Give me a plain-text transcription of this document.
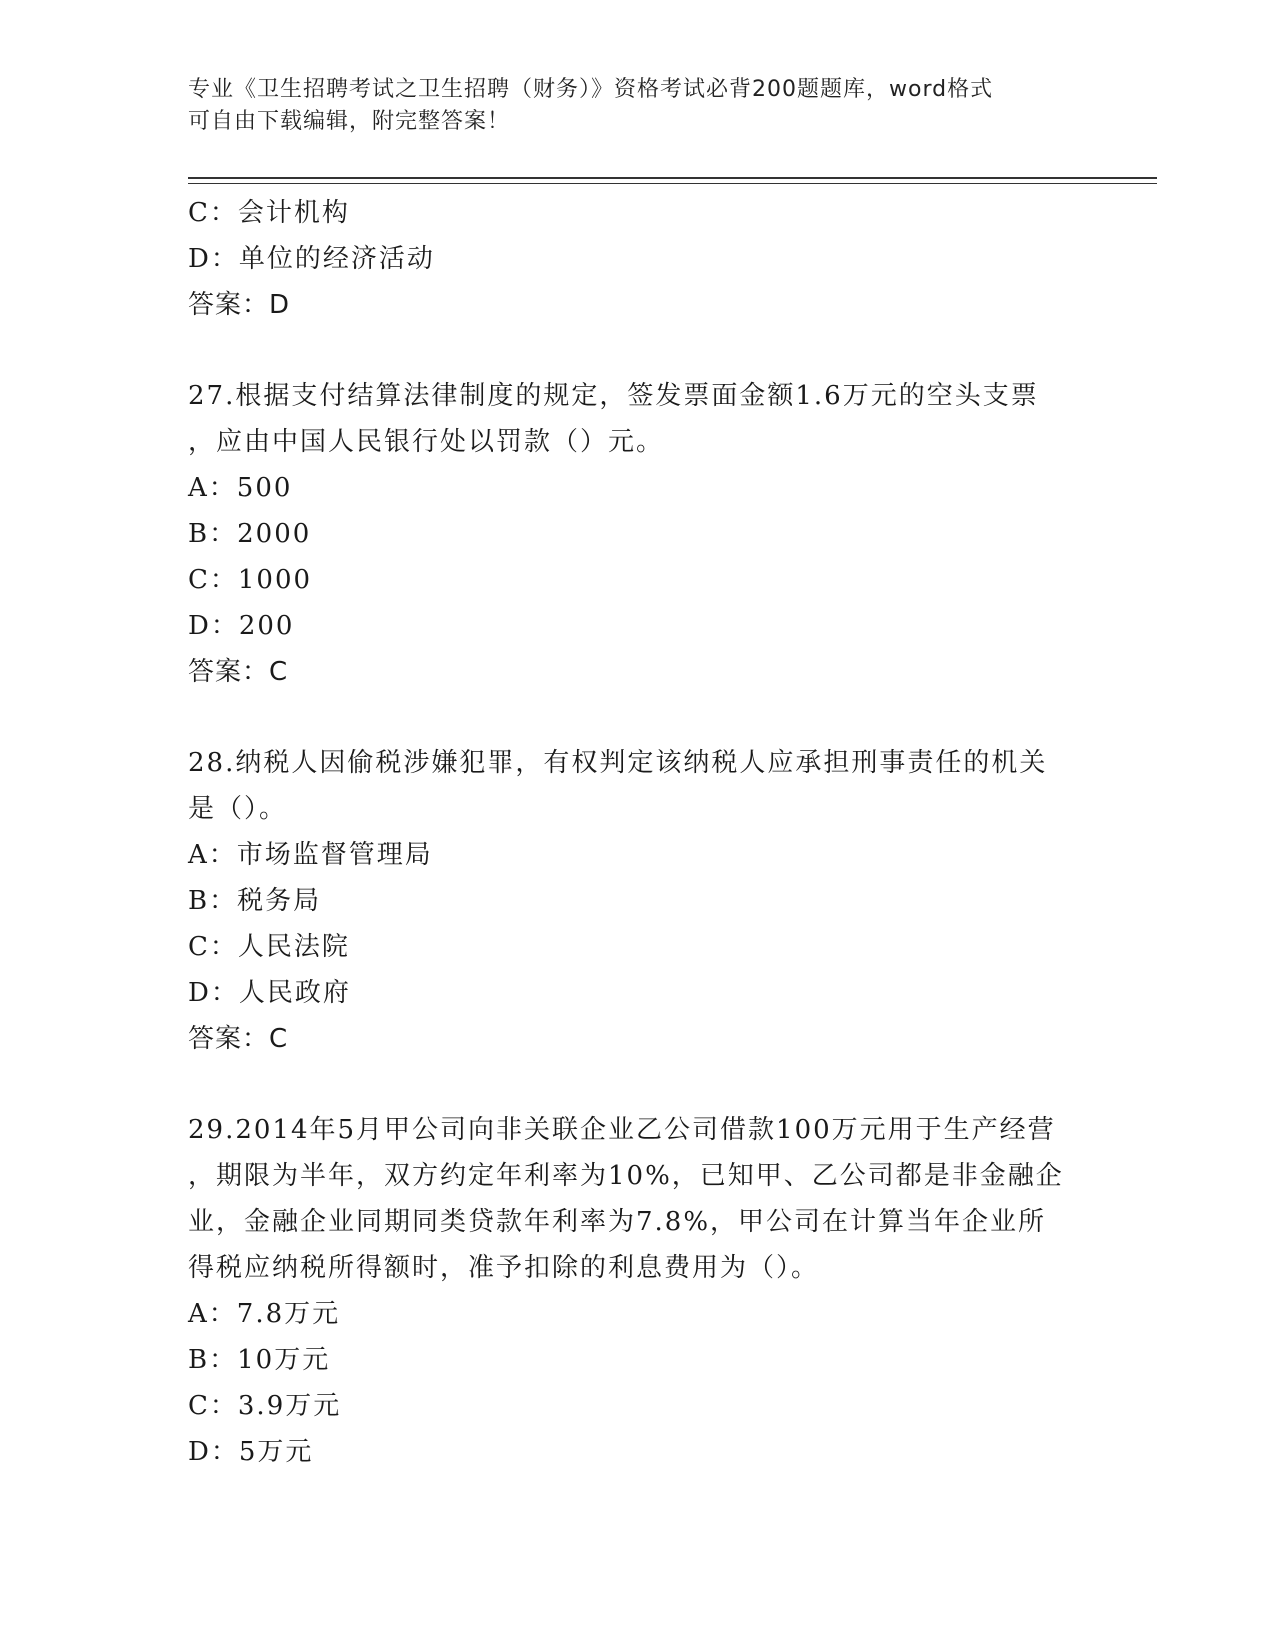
专业《卫生招聘考试之卫生招聘（财务）》资格考试必背200题题库，word格式
可自由下载编辑，附完整答案！
C：会计机构
D：单位的经济活动
答案：D
27.根据支付结算法律制度的规定，签发票面金额1.6万元的空头支票
，应由中国人民银行处以罚款（）元。
A：500
B：2000
C：1000
D：200
答案：C
28.纳税人因偷税涉嫌犯罪，有权判定该纳税人应承担刑事责任的机关
是（）。
A：市场监督管理局
B：税务局
C：人民法院
D：人民政府
答案：C
29.2014年5月甲公司向非关联企业乙公司借款100万元用于生产经营
，期限为半年，双方约定年利率为10%，已知甲、乙公司都是非金融企
业，金融企业同期同类贷款年利率为7.8%，甲公司在计算当年企业所
得税应纳税所得额时，准予扣除的利息费用为（）。
A：7.8万元
B：10万元
C：3.9万元
D：5万元
